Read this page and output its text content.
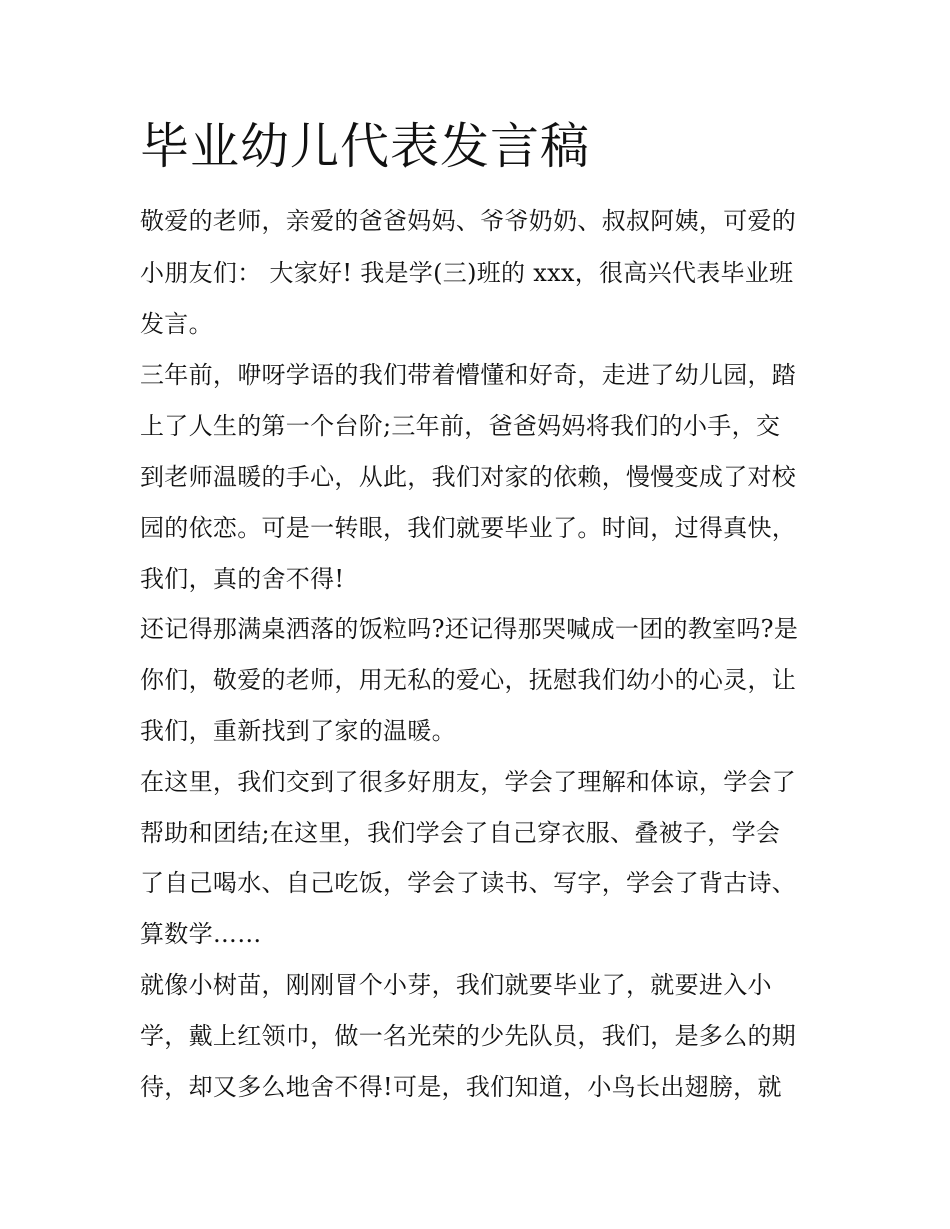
毕业幼儿代表发言稿

敬爱的老师，亲爱的爸爸妈妈、爷爷奶奶、叔叔阿姨，可爱的

小朋友们： 大家好! 我是学(三)班的 xxx，很高兴代表毕业班

发言。

三年前，咿呀学语的我们带着懵懂和好奇，走进了幼儿园，踏

上了人生的第一个台阶;三年前，爸爸妈妈将我们的小手，交

到老师温暖的手心，从此，我们对家的依赖，慢慢变成了对校

园的依恋。可是一转眼，我们就要毕业了。时间，过得真快，

我们，真的舍不得!

还记得那满桌洒落的饭粒吗?还记得那哭喊成一团的教室吗?是

你们，敬爱的老师，用无私的爱心，抚慰我们幼小的心灵，让

我们，重新找到了家的温暖。

在这里，我们交到了很多好朋友，学会了理解和体谅，学会了

帮助和团结;在这里，我们学会了自己穿衣服、叠被子，学会

了自己喝水、自己吃饭，学会了读书、写字，学会了背古诗、

算数学……

就像小树苗，刚刚冒个小芽，我们就要毕业了，就要进入小

学，戴上红领巾，做一名光荣的少先队员，我们，是多么的期

待，却又多么地舍不得!可是，我们知道，小鸟长出翅膀，就
